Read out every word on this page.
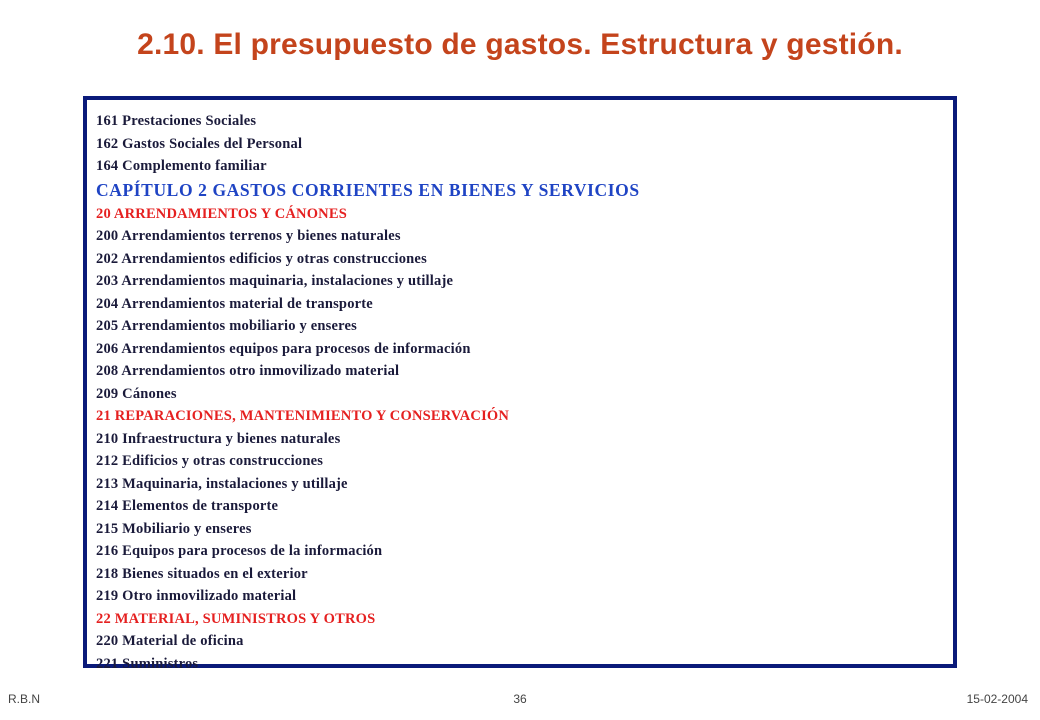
2.10. El presupuesto de gastos. Estructura y gestión.
161 Prestaciones Sociales
162 Gastos Sociales del Personal
164 Complemento familiar
CAPÍTULO 2 GASTOS CORRIENTES EN BIENES Y SERVICIOS
20 ARRENDAMIENTOS Y CÁNONES
200 Arrendamientos terrenos y bienes naturales
202 Arrendamientos edificios y otras construcciones
203 Arrendamientos maquinaria, instalaciones y utillaje
204 Arrendamientos material de transporte
205 Arrendamientos mobiliario y enseres
206 Arrendamientos equipos para procesos de información
208 Arrendamientos otro inmovilizado material
209 Cánones
21 REPARACIONES, MANTENIMIENTO Y CONSERVACIÓN
210 Infraestructura y bienes naturales
212 Edificios y otras construcciones
213 Maquinaria, instalaciones y utillaje
214 Elementos de transporte
215 Mobiliario y enseres
216 Equipos para procesos de la información
218 Bienes situados en el exterior
219 Otro inmovilizado material
22 MATERIAL, SUMINISTROS Y OTROS
220 Material de oficina
221 Suministros
R.B.N	36	15-02-2004
